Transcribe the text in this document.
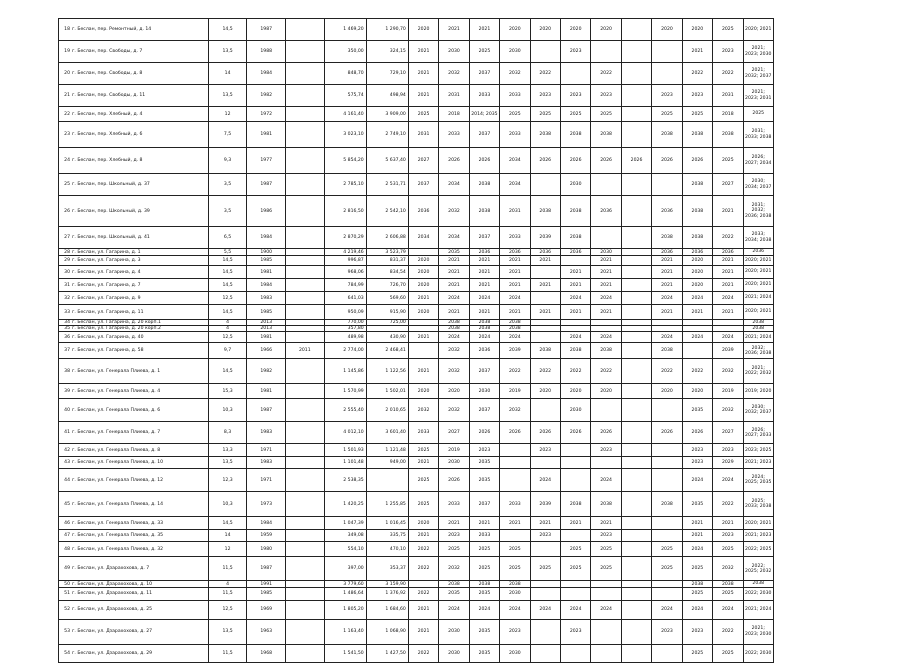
18 г. Беслан, пер. Ремонтный, д. 14	14,5	1987		1 469,20	1 290,70	2020	2021	2021	2020	2020	2020	2020		2020	2020	2025	2020; 2021
19 г. Беслан, пер. Свободы, д. 7	13,5	1988		350,00	324,15	2021	2030	2025	2030		2023				2021	2023	2021; 2023; 2030
20 г. Беслан, пер. Свободы, д. 8	14	1984		848,70	729,10	2021	2032	2037	2032	2022		2022			2022	2022	2021; 2032; 2037
21 г. Беслан, пер. Свободы, д. 11	13,5	1982		575,74	498,94	2021	2031	2033	2033	2023	2023	2023		2023	2023	2031	2021; 2023; 2031
22 г. Беслан, пер. Хлебный, д. 4	12	1972		4 161,40	3 909,00	2025	2018	2014; 2035	2025	2025	2025	2025		2025	2025	2018	2025
23 г. Беслан, пер. Хлебный, д. 6	7,5	1981		3 023,10	2 749,10	2031	2033	2037	2033	2038	2038	2038		2038	2038	2038	2031; 2033; 2038
24 г. Беслан, пер. Хлебный, д. 8	9,3	1977		5 854,20	5 637,40	2027	2026	2026	2034	2026	2026	2026	2026	2026	2026	2025	2026; 2027; 2034
25 г. Беслан, пер. Школьный, д. 37	3,5	1987		2 785,10	2 531,71	2037	2034	2038	2034		2030				2038	2027	2030; 2034; 2037
26 г. Беслан, пер. Школьный, д. 39	3,5	1986		2 816,50	2 542,10	2036	2032	2038	2031	2038	2038	2036		2036	2038	2021	2031; 2032; 2036; 2038
27 г. Беслан, пер. Школьный, д. 41	6,5	1984		2 870,29	2 606,88	2034	2034	2037	2033	2039	2038			2038	2038	2022	2033; 2034; 2038
28 г. Беслан, ул. Гагарина, д. 1	5,5	1900		4 219,46	3 523,79		2035	2036	2036	2036	2036	2030		2036	2036	2036	2036
29 г. Беслан, ул. Гагарина, д. 3	14,5	1985		996,87	831,37	2020	2021	2021	2021	2021		2021		2021	2020	2021	2020; 2021
30 г. Беслан, ул. Гагарина, д. 4	14,5	1981		968,06	834,54	2020	2021	2021	2021		2021	2021		2021	2020	2021	2020; 2021
31 г. Беслан, ул. Гагарина, д. 7	14,5	1984		784,99	726,70	2020	2021	2021	2021	2021	2021	2021		2021	2020	2021	2020; 2021
32 г. Беслан, ул. Гагарина, д. 9	12,5	1983		641,03	569,60	2021	2024	2024	2024		2024	2024		2024	2024	2024	2021; 2024
33 г. Беслан, ул. Гагарина, д. 11	14,5	1985		950,09	915,90	2020	2021	2021	2021	2021	2021	2021		2021	2021	2021	2020; 2021
34 г. Беслан, ул. Гагарина, д. 20 корп.1	4	2013		770,00	725,00		2038	2038	2038								2038
35 г. Беслан, ул. Гагарина, д. 20 корп.2	4	2013		357,80			2038	2038	2038								2038
36 г. Беслан, ул. Гагарина, д. 40	12,5	1981		489,98	430,90	2021	2024	2024	2024		2024	2024		2024	2024	2024	2021; 2024
37 г. Беслан, ул. Гагарина, д. 58	9,7	1966	2011	2 774,00	2 468,41		2032	2036	2039	2038	2038	2038		2038		2039	2032; 2036; 2038
38 г. Беслан, ул. Генерала Плиева, д. 1	14,5	1982		1 145,86	1 122,56	2021	2032	2037	2022	2022	2022	2022		2022	2022	2032	2021; 2022; 2032
39 г. Беслан, ул. Генерала Плиева, д. 4	15,3	1981		1 570,99	1 502,01	2020	2020	2030	2019	2020	2020	2020		2020	2020	2019	2019; 2020
40 г. Беслан, ул. Генерала Плиева, д. 6	10,3	1987		2 555,40	2 010,65	2032	2032	2037	2032		2030				2035	2032	2030; 2032; 2037
41 г. Беслан, ул. Генерала Плиева, д. 7	8,3	1983		4 012,10	3 601,40	2033	2027	2026	2026	2026	2026	2026		2026	2026	2027	2026; 2027; 2033
42 г. Беслан, ул. Генерала Плиева, д. 8	13,3	1971		1 501,93	1 121,48	2025	2019	2023		2023		2023			2023	2023	2023; 2025
43 г. Беслан, ул. Генерала Плиева, д. 10	13,5	1983		1 101,48	949,00	2021	2030	2035							2023	2029	2021; 2023
44 г. Беслан, ул. Генерала Плиева, д. 12	12,3	1971		2 538,35		2025	2026	2035		2024		2024			2024	2024	2024; 2025; 2035
45 г. Беслан, ул. Генерала Плиева, д. 14	10,3	1973		1 420,25	1 255,85	2025	2033	2037	2033	2039	2038	2038		2038	2035	2022	2025; 2033; 2038
46 г. Беслан, ул. Генерала Плиева, д. 33	14,5	1984		1 047,39	1 016,45	2020	2021	2021	2021	2021	2021	2021			2021	2021	2020; 2021
47 г. Беслан, ул. Генерала Плиева, д. 35	14	1959		349,08	335,75	2021	2023	2033		2023		2023			2021	2023	2021; 2023
48 г. Беслан, ул. Генерала Плиева, д. 32	12	1980		554,10	470,10	2022	2025	2025	2025		2025	2025		2025	2024	2025	2022; 2025
49 г. Беслан, ул. Дзарахохова, д. 7	11,5	1987		397,00	353,37	2022	2032	2025	2025	2025	2025	2025		2025	2025	2032	2022; 2025; 2032
50 г. Беслан, ул. Дзарахохова, д. 10	4	1991		3 779,60	3 159,90		2038	2038	2038						2038	2038	2038
51 г. Беслан, ул. Дзарахохова, д. 11	11,5	1985		1 486,64	1 376,92	2022	2035	2035	2030						2025	2025	2022; 2030
52 г. Беслан, ул. Дзарахохова, д. 25	12,5	1969		1 805,20	1 684,60	2021	2024	2024	2024	2024	2024	2024		2024	2024	2024	2021; 2024
53 г. Беслан, ул. Дзарахохова, д. 27	13,5	1963		1 163,40	1 068,90	2021	2030	2035	2023		2023			2023	2023	2022	2021; 2023; 2030
54 г. Беслан, ул. Дзарахохова, д. 29	11,5	1968		1 541,50	1 427,50	2022	2030	2035	2030						2025	2025	2022; 2030
